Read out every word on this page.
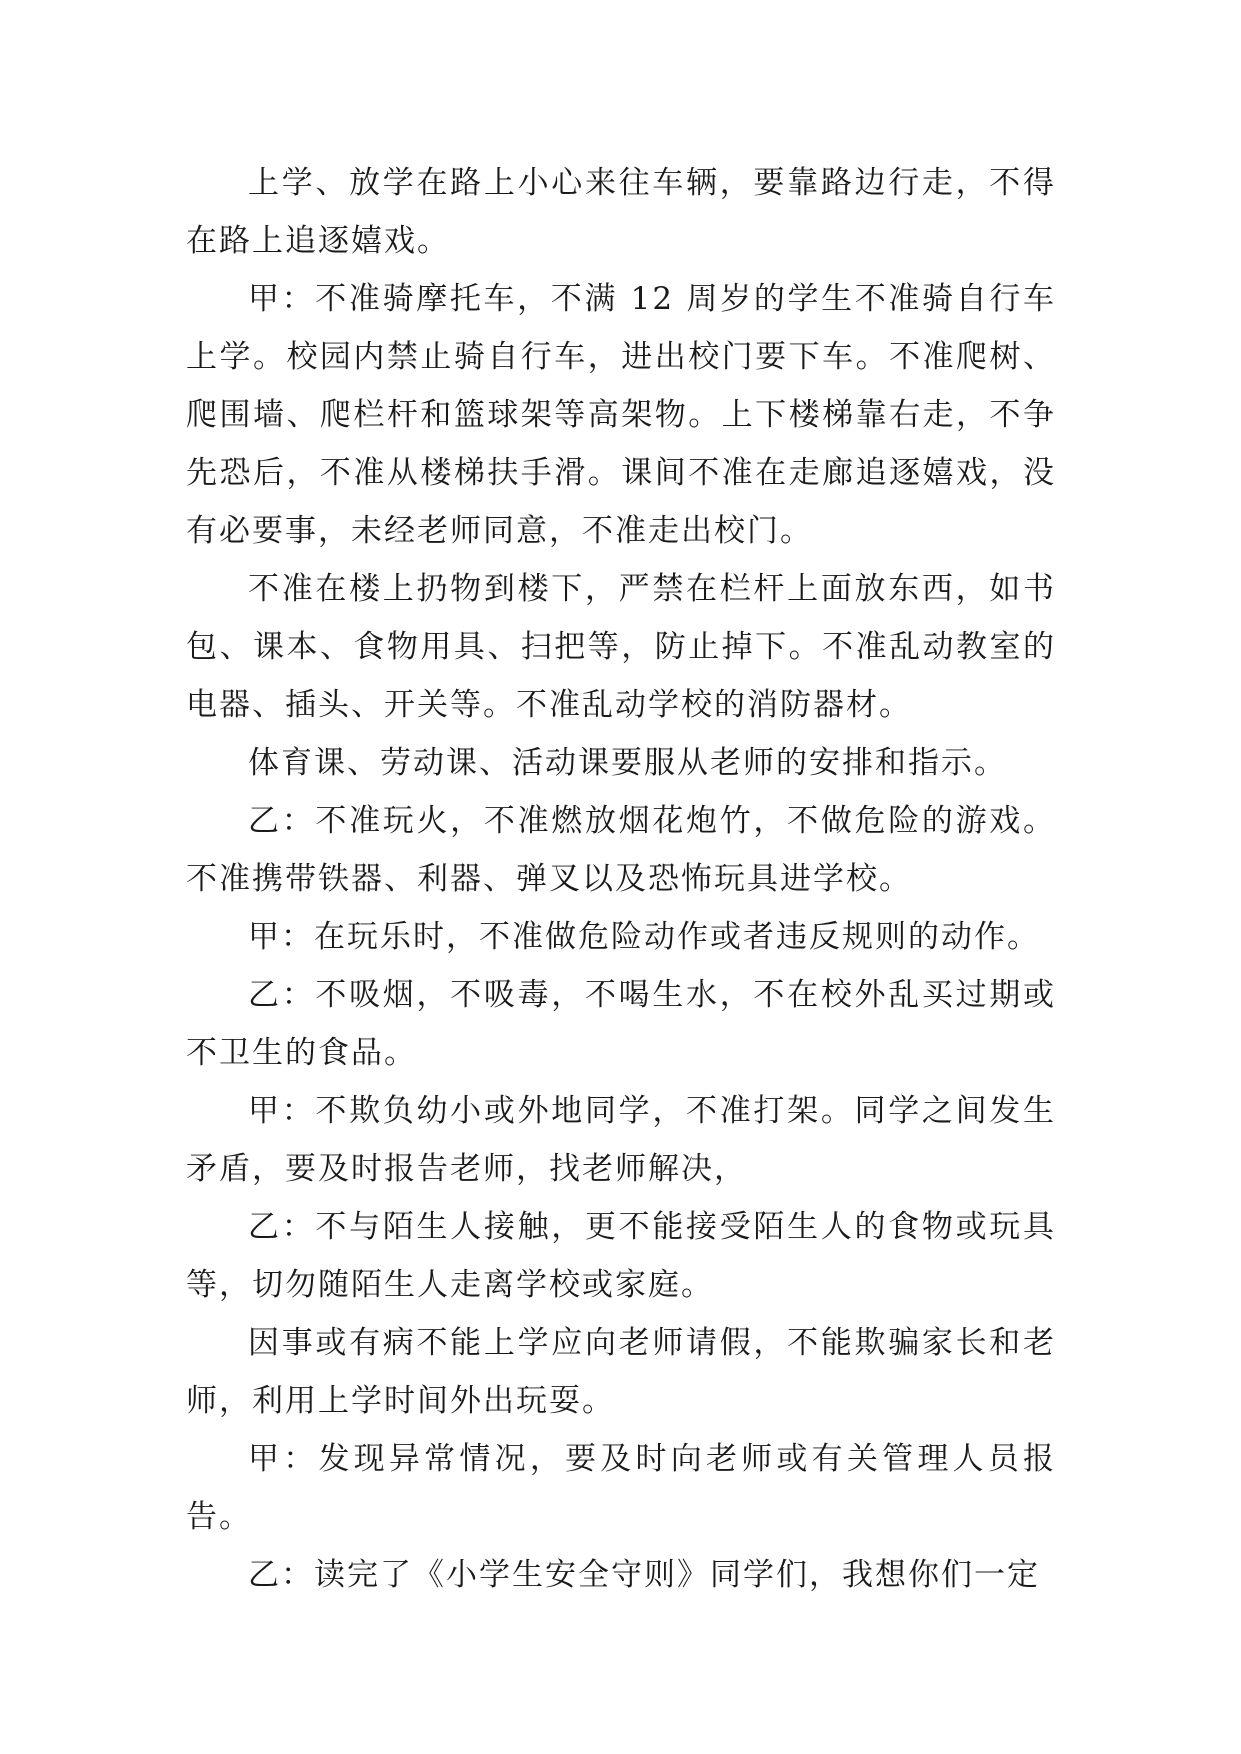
上学、放学在路上小心来往车辆，要靠路边行走，不得在路上追逐嬉戏。

甲：不准骑摩托车，不满 12 周岁的学生不准骑自行车上学。校园内禁止骑自行车，进出校门要下车。不准爬树、爬围墙、爬栏杆和篮球架等高架物。上下楼梯靠右走，不争先恐后，不准从楼梯扶手滑。课间不准在走廊追逐嬉戏，没有必要事，未经老师同意，不准走出校门。

不准在楼上扔物到楼下，严禁在栏杆上面放东西，如书包、课本、食物用具、扫把等，防止掉下。不准乱动教室的电器、插头、开关等。不准乱动学校的消防器材。

体育课、劳动课、活动课要服从老师的安排和指示。

乙：不准玩火，不准燃放烟花炮竹，不做危险的游戏。不准携带铁器、利器、弹叉以及恐怖玩具进学校。

甲：在玩乐时，不准做危险动作或者违反规则的动作。

乙：不吸烟，不吸毒，不喝生水，不在校外乱买过期或不卫生的食品。

甲：不欺负幼小或外地同学，不准打架。同学之间发生矛盾，要及时报告老师，找老师解决，

乙：不与陌生人接触，更不能接受陌生人的食物或玩具等，切勿随陌生人走离学校或家庭。

因事或有病不能上学应向老师请假，不能欺骗家长和老师，利用上学时间外出玩耍。

甲：发现异常情况，要及时向老师或有关管理人员报告。

乙：读完了《小学生安全守则》同学们，我想你们一定
